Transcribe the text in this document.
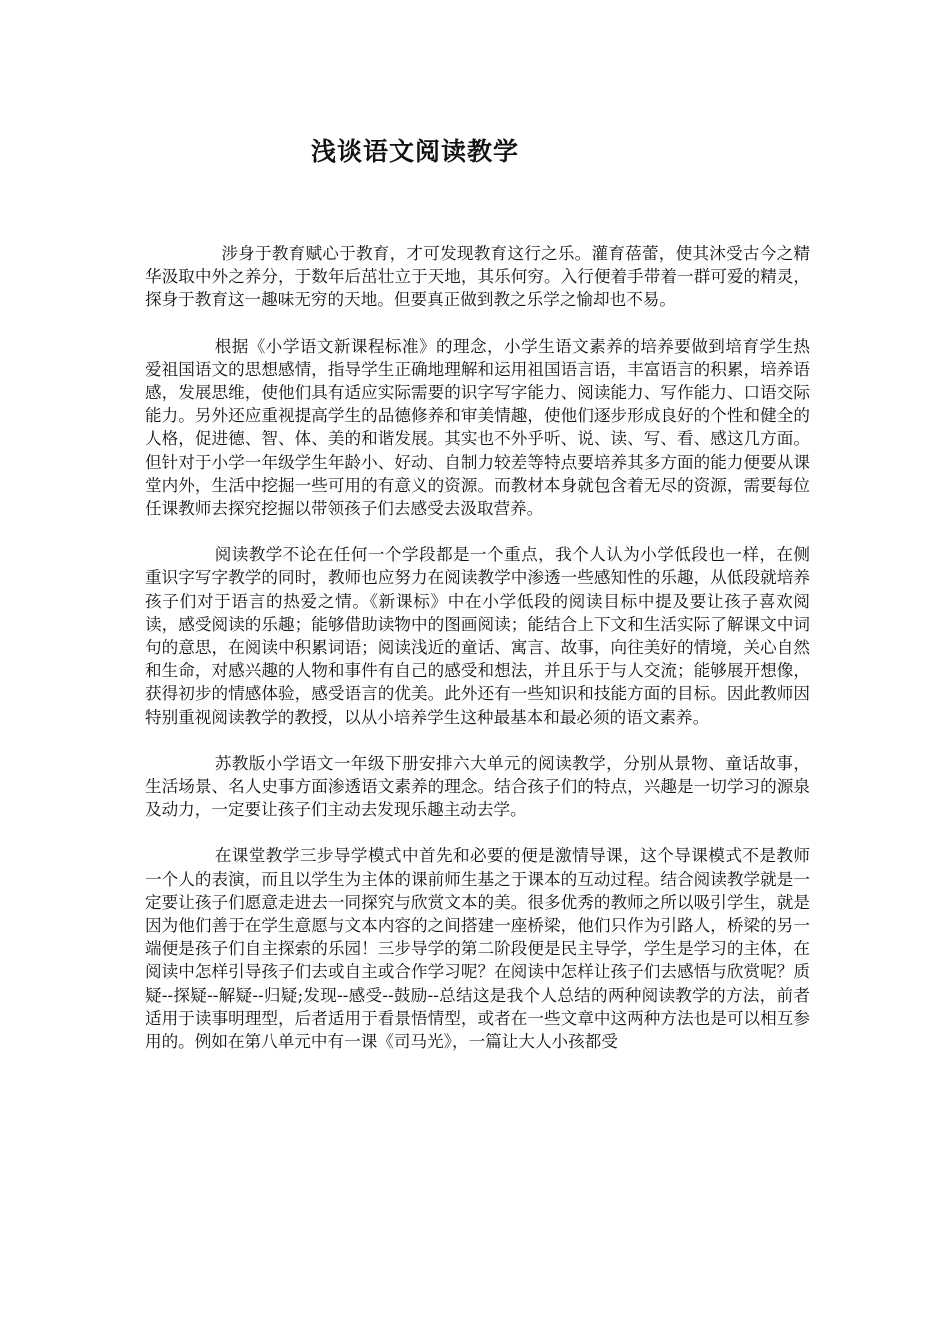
浅谈语文阅读教学

涉身于教育赋心于教育，才可发现教育这行之乐。灌育蓓蕾，使其沐受古今之精华汲取中外之养分，于数年后茁壮立于天地，其乐何穷。入行便着手带着一群可爱的精灵，探身于教育这一趣味无穷的天地。但要真正做到教之乐学之愉却也不易。

根据《小学语文新课程标准》的理念，小学生语文素养的培养要做到培育学生热爱祖国语文的思想感情，指导学生正确地理解和运用祖国语言语，丰富语言的积累，培养语感，发展思维，使他们具有适应实际需要的识字写字能力、阅读能力、写作能力、口语交际能力。另外还应重视提高学生的品德修养和审美情趣，使他们逐步形成良好的个性和健全的人格，促进德、智、体、美的和谐发展。其实也不外乎听、说、读、写、看、感这几方面。但针对于小学一年级学生年龄小、好动、自制力较差等特点要培养其多方面的能力便要从课堂内外，生活中挖掘一些可用的有意义的资源。而教材本身就包含着无尽的资源，需要每位任课教师去探究挖掘以带领孩子们去感受去汲取营养。

阅读教学不论在任何一个学段都是一个重点，我个人认为小学低段也一样，在侧重识字写字教学的同时，教师也应努力在阅读教学中渗透一些感知性的乐趣，从低段就培养孩子们对于语言的热爱之情。《新课标》中在小学低段的阅读目标中提及要让孩子喜欢阅读，感受阅读的乐趣；能够借助读物中的图画阅读；能结合上下文和生活实际了解课文中词句的意思，在阅读中积累词语；阅读浅近的童话、寓言、故事，向往美好的情境，关心自然和生命，对感兴趣的人物和事件有自己的感受和想法，并且乐于与人交流；能够展开想像，获得初步的情感体验，感受语言的优美。此外还有一些知识和技能方面的目标。因此教师因特别重视阅读教学的教授，以从小培养学生这种最基本和最必须的语文素养。

苏教版小学语文一年级下册安排六大单元的阅读教学，分别从景物、童话故事，生活场景、名人史事方面渗透语文素养的理念。结合孩子们的特点，兴趣是一切学习的源泉及动力，一定要让孩子们主动去发现乐趣主动去学。

在课堂教学三步导学模式中首先和必要的便是激情导课，这个导课模式不是教师一个人的表演，而且以学生为主体的课前师生基之于课本的互动过程。结合阅读教学就是一定要让孩子们愿意走进去一同探究与欣赏文本的美。很多优秀的教师之所以吸引学生，就是因为他们善于在学生意愿与文本内容的之间搭建一座桥梁，他们只作为引路人，桥梁的另一端便是孩子们自主探索的乐园！三步导学的第二阶段便是民主导学，学生是学习的主体，在阅读中怎样引导孩子们去或自主或合作学习呢？在阅读中怎样让孩子们去感悟与欣赏呢？质疑--探疑--解疑--归疑;发现--感受--鼓励--总结这是我个人总结的两种阅读教学的方法，前者适用于读事明理型，后者适用于看景悟情型，或者在一些文章中这两种方法也是可以相互参用的。例如在第八单元中有一课《司马光》，一篇让大人小孩都受
